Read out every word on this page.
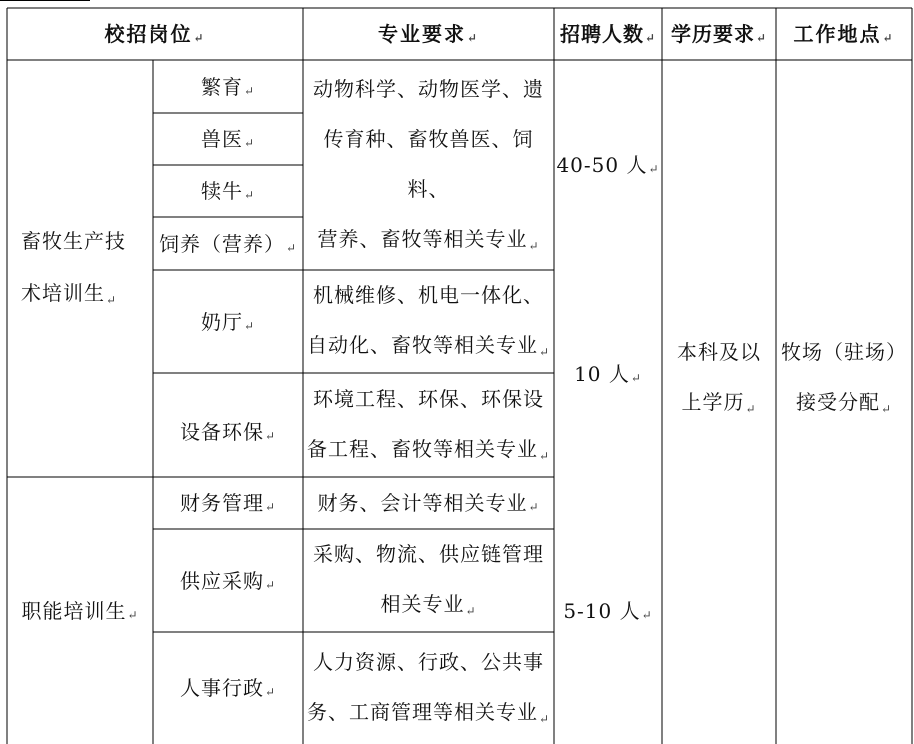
校招岗位 ↵	专业要求 ↵	招聘人数 ↵ 学历要求 ↵ 工作地点 ↵
畜牧生产技术培训生$_↵$
职能培训生 ↵
繁育 ↵
兽医 ↵
犊牛 ↵
饲养（营养） ↵
奶厅 ↵
设备环保 ↵
财务管理 ↵
供应采购 ↵
人事行政 ↵
动物科学、动物医学、遗
传育种、畜牧兽医、饲料、
营养、畜牧等相关专业$_↵$
机械维修、机电一体化、
自动化、畜牧等相关专业$_↵$
环境工程、环保、环保设
备工程、畜牧等相关专业$_↵$
财务、会计等相关专业 ↵
采购、物流、供应链管理
相关专业$_↵$
人力资源、行政、公共事
务、工商管理等相关专业$_↵$
40-50 人 ↵
10 人 ↵
5-10 人 ↵
本科及以
上学历$_↵$
牧场（驻场）
接受分配$_↵$
